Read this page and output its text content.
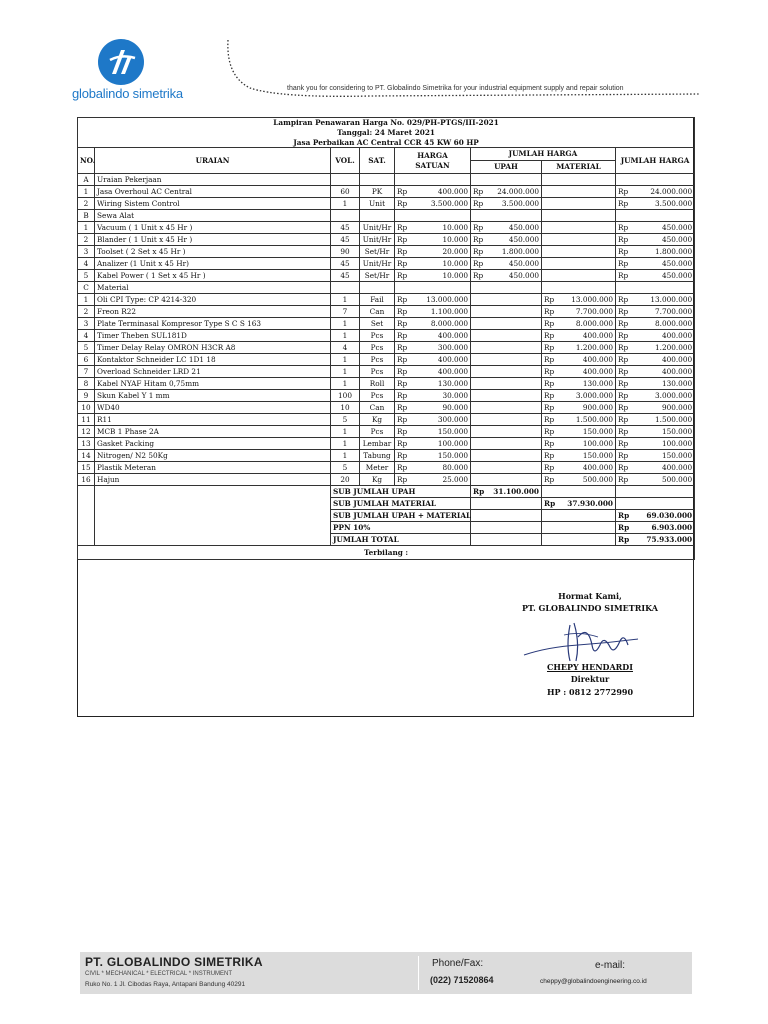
globalindo simetrika	thank you for considering to PT. Globalindo Simetrika for your industrial equipment supply and repair solution
Lampiran Penawaran Harga No. 029/PH-PTGS/III-2021											
Tanggal: 24 Maret 2021											
Jasa Perbaikan AC Central CCR 45 KW 60 HP											
NO.	URAIAN	VOL.	SAT.	HARGA
SATUAN		JUMLAH HARGA				JUMLAH HARGA	
						UPAH		MATERIAL			
A	Uraian Pekerjaan										
1	Jasa Overhoul AC Central	60	PK	Rp	400.000	Rp	24.000.000			Rp	24.000.000
2	Wiring Sistem Control	1	Unit	Rp	3.500.000	Rp	3.500.000			Rp	3.500.000
B	Sewa Alat										
1	Vacuum ( 1 Unit x 45 Hr )	45	Unit/Hr	Rp	10.000	Rp	450.000			Rp	450.000
2	Blander ( 1 Unit x 45 Hr )	45	Unit/Hr	Rp	10.000	Rp	450.000			Rp	450.000
3	Toolset ( 2 Set x 45 Hr )	90	Set/Hr	Rp	20.000	Rp	1.800.000			Rp	1.800.000
4	Analizer (1 Unit x 45 Hr)	45	Unit/Hr	Rp	10.000	Rp	450.000			Rp	450.000
5	Kabel Power ( 1 Set x 45 Hr )	45	Set/Hr	Rp	10.000	Rp	450.000			Rp	450.000
C	Material										
1	Oli CPI Type: CP 4214-320	1	Fail	Rp	13.000.000			Rp	13.000.000	Rp	13.000.000
2	Freon R22	7	Can	Rp	1.100.000			Rp	7.700.000	Rp	7.700.000
3	Plate Terminasal Kompresor Type S C S 163	1	Set	Rp	8.000.000			Rp	8.000.000	Rp	8.000.000
4	Timer Theben SUL181D	1	Pcs	Rp	400.000			Rp	400.000	Rp	400.000
5	Timer Delay Relay OMRON H3CR A8	4	Pcs	Rp	300.000			Rp	1.200.000	Rp	1.200.000
6	Kontaktor Schneider LC 1D1 18	1	Pcs	Rp	400.000			Rp	400.000	Rp	400.000
7	Overload Schneider LRD 21	1	Pcs	Rp	400.000			Rp	400.000	Rp	400.000
8	Kabel NYAF Hitam 0,75mm	1	Roll	Rp	130.000			Rp	130.000	Rp	130.000
9	Skun Kabel Y 1 mm	100	Pcs	Rp	30.000			Rp	3.000.000	Rp	3.000.000
10	WD40	10	Can	Rp	90.000			Rp	900.000	Rp	900.000
11	R11	5	Kg	Rp	300.000			Rp	1.500.000	Rp	1.500.000
12	MCB 1 Phase 2A	1	Pcs	Rp	150.000			Rp	150.000	Rp	150.000
13	Gasket Packing	1	Lembar	Rp	100.000			Rp	100.000	Rp	100.000
14	Nitrogen/ N2 50Kg	1	Tabung	Rp	150.000			Rp	150.000	Rp	150.000
15	Plastik Meteran	5	Meter	Rp	80.000			Rp	400.000	Rp	400.000
16	Hajun	20	Kg	Rp	25.000			Rp	500.000	Rp	500.000
		SUB JUMLAH UPAH				Rp	31.100.000				
		SUB JUMLAH MATERIAL						Rp	37.930.000		
		SUB JUMLAH UPAH + MATERIAL								Rp	69.030.000
		PPN 10%								Rp	6.903.000
		JUMLAH TOTAL								Rp	75.933.000
Terbilang :											
Hormat Kami,
PT. GLOBALINDO SIMETRIKA
CHEPY HENDARDI
Direktur
HP : 0812 2772990
PT. GLOBALINDO SIMETRIKA
CIVIL * MECHANICAL * ELECTRICAL * INSTRUMENT
Ruko No. 1 Jl. Cibodas Raya, Antapani Bandung 40291
Phone/Fax:
(022) 71520864
e-mail:
cheppy@globalindoengineering.co.id
